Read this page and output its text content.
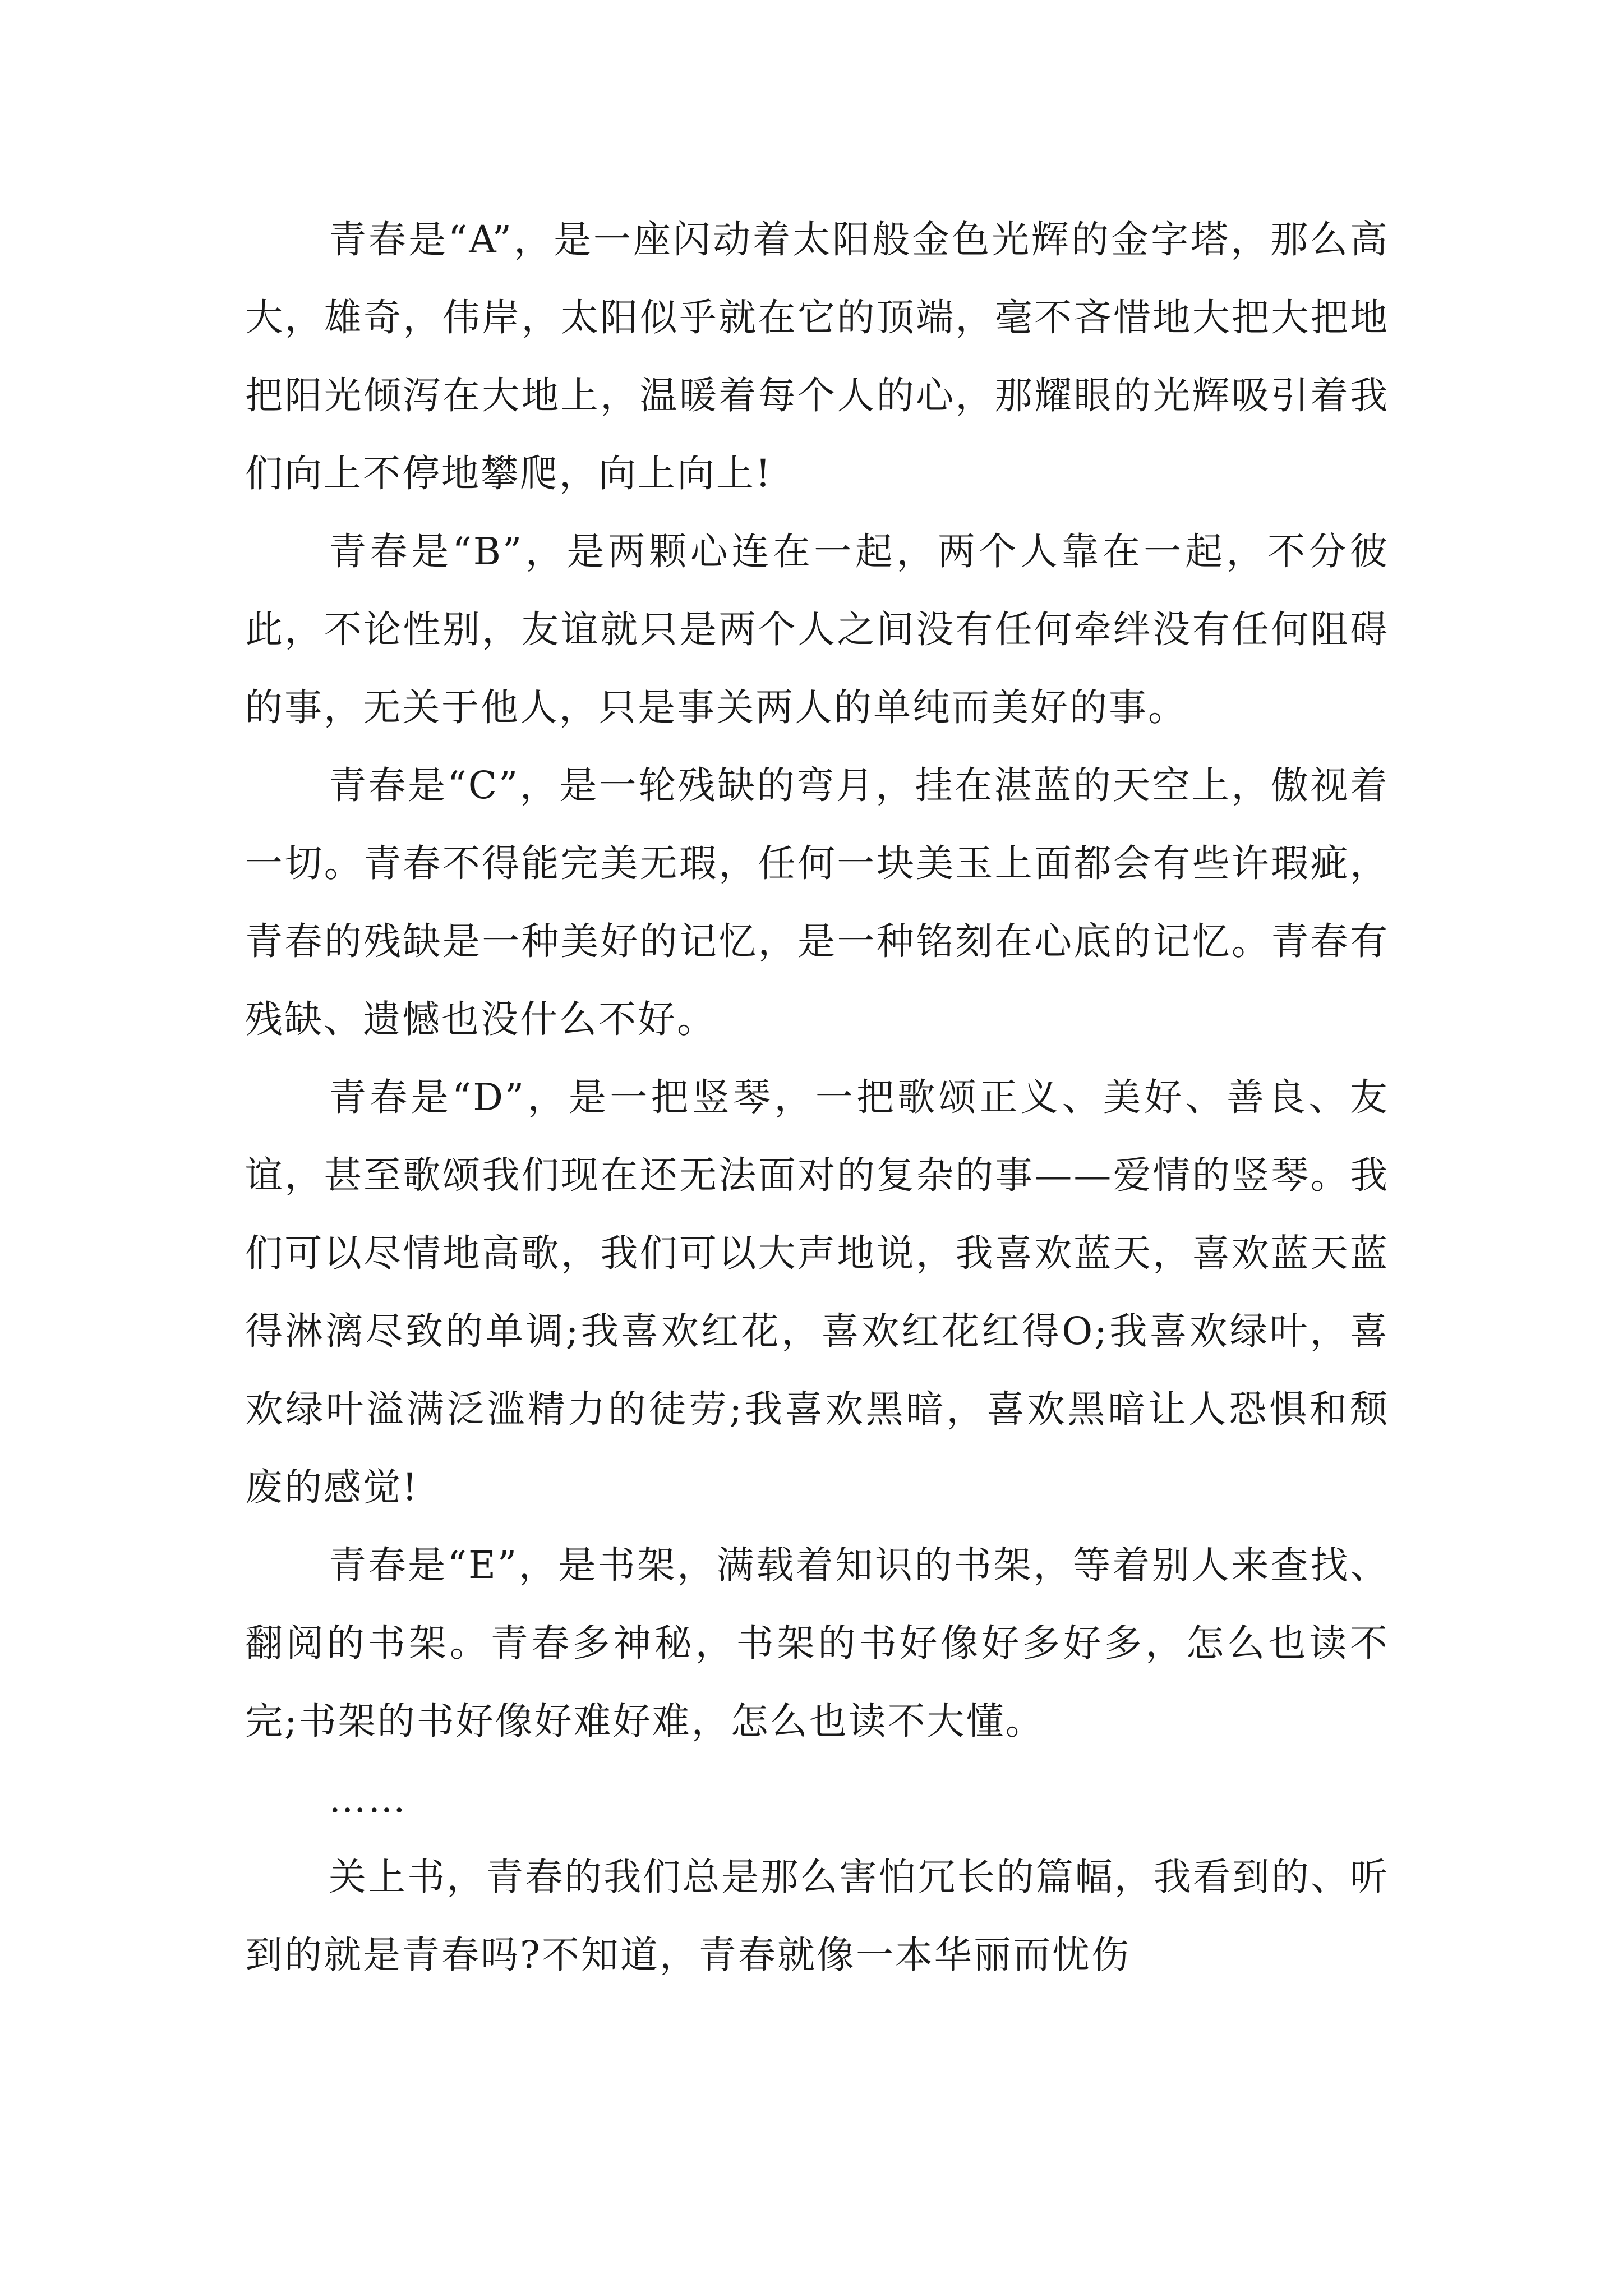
青春是“A”，是一座闪动着太阳般金色光辉的金字塔，那么高大，雄奇，伟岸，太阳似乎就在它的顶端，毫不吝惜地大把大把地把阳光倾泻在大地上，温暖着每个人的心，那耀眼的光辉吸引着我们向上不停地攀爬，向上向上!

青春是“B”，是两颗心连在一起，两个人靠在一起，不分彼此，不论性别，友谊就只是两个人之间没有任何牵绊没有任何阻碍的事，无关于他人，只是事关两人的单纯而美好的事。

青春是“C”，是一轮残缺的弯月，挂在湛蓝的天空上，傲视着一切。青春不得能完美无瑕，任何一块美玉上面都会有些许瑕疵，青春的残缺是一种美好的记忆，是一种铭刻在心底的记忆。青春有残缺、遗憾也没什么不好。

青春是“D”，是一把竖琴，一把歌颂正义、美好、善良、友谊，甚至歌颂我们现在还无法面对的复杂的事——爱情的竖琴。我们可以尽情地高歌，我们可以大声地说，我喜欢蓝天，喜欢蓝天蓝得淋漓尽致的单调;我喜欢红花，喜欢红花红得O;我喜欢绿叶，喜欢绿叶溢满泛滥精力的徒劳;我喜欢黑暗，喜欢黑暗让人恐惧和颓废的感觉!

青春是“E”，是书架，满载着知识的书架，等着别人来查找、翻阅的书架。青春多神秘，书架的书好像好多好多，怎么也读不完;书架的书好像好难好难，怎么也读不大懂。

……

关上书，青春的我们总是那么害怕冗长的篇幅，我看到的、听到的就是青春吗?不知道，青春就像一本华丽而忧伤
